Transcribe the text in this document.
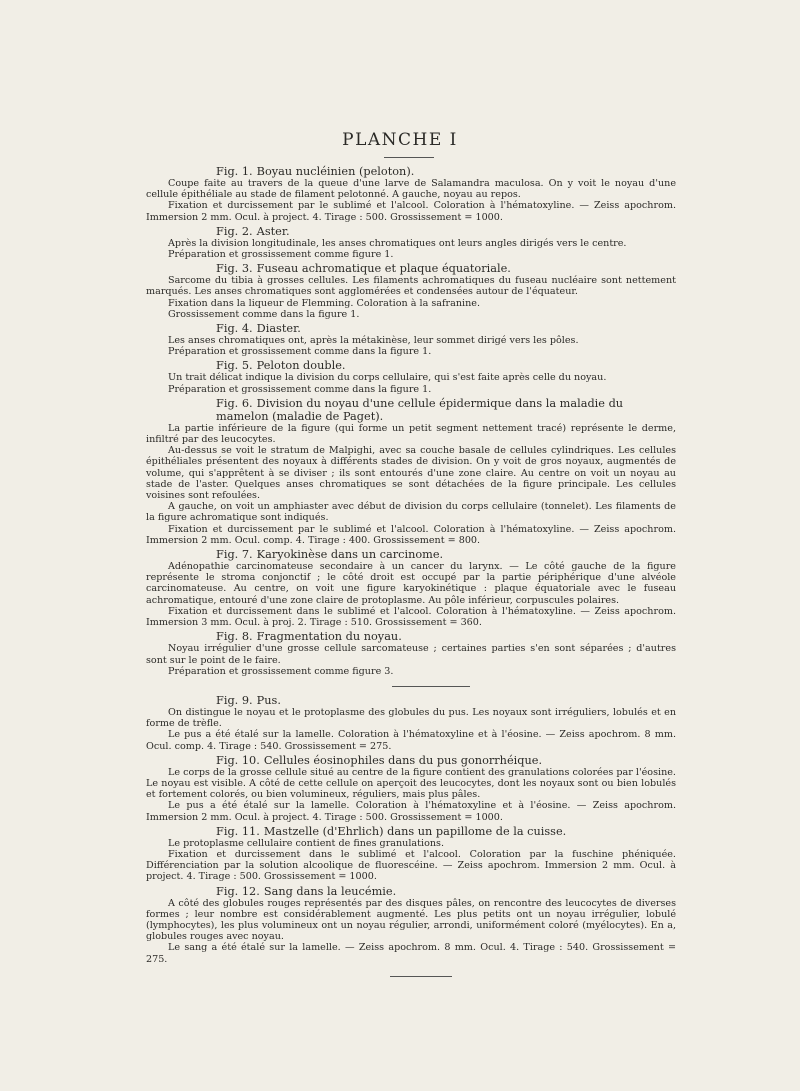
PLANCHE I
Fig. 1. Boyau nucléinien (peloton).
Coupe faite au travers de la queue d'une larve de Salamandra maculosa. On y voit le noyau d'une cellule épithéliale au stade de filament pelotonné. A gauche, noyau au repos.
Fixation et durcissement par le sublimé et l'alcool. Coloration à l'hématoxyline. — Zeiss apochrom. Immersion 2 mm. Ocul. à project. 4. Tirage : 500. Grossissement = 1000.
Fig. 2. Aster.
Après la division longitudinale, les anses chromatiques ont leurs angles dirigés vers le centre.
Préparation et grossissement comme figure 1.
Fig. 3. Fuseau achromatique et plaque équatoriale.
Sarcome du tibia à grosses cellules. Les filaments achromatiques du fuseau nucléaire sont nettement marqués. Les anses chromatiques sont agglomérées et condensées autour de l'équateur.
Fixation dans la liqueur de Flemming. Coloration à la safranine.
Grossissement comme dans la figure 1.
Fig. 4. Diaster.
Les anses chromatiques ont, après la métakinèse, leur sommet dirigé vers les pôles.
Préparation et grossissement comme dans la figure 1.
Fig. 5. Peloton double.
Un trait délicat indique la division du corps cellulaire, qui s'est faite après celle du noyau.
Préparation et grossissement comme dans la figure 1.
Fig. 6. Division du noyau d'une cellule épidermique dans la maladie du mamelon (maladie de Paget).
La partie inférieure de la figure (qui forme un petit segment nettement tracé) représente le derme, infiltré par des leucocytes.
Au-dessus se voit le stratum de Malpighi, avec sa couche basale de cellules cylindriques. Les cellules épithéliales présentent des noyaux à différents stades de division. On y voit de gros noyaux, augmentés de volume, qui s'apprêtent à se diviser ; ils sont entourés d'une zone claire. Au centre on voit un noyau au stade de l'aster. Quelques anses chromatiques se sont détachées de la figure principale. Les cellules voisines sont refoulées.
A gauche, on voit un amphiaster avec début de division du corps cellulaire (tonnelet). Les filaments de la figure achromatique sont indiqués.
Fixation et durcissement par le sublimé et l'alcool. Coloration à l'hématoxyline. — Zeiss apochrom. Immersion 2 mm. Ocul. comp. 4. Tirage : 400. Grossissement = 800.
Fig. 7. Karyokinèse dans un carcinome.
Adénopathie carcinomateuse secondaire à un cancer du larynx. — Le côté gauche de la figure représente le stroma conjonctif ; le côté droit est occupé par la partie périphérique d'une alvéole carcinomateuse. Au centre, on voit une figure karyokinétique : plaque équatoriale avec le fuseau achromatique, entouré d'une zone claire de protoplasme. Au pôle inférieur, corpuscules polaires.
Fixation et durcissement dans le sublimé et l'alcool. Coloration à l'hématoxyline. — Zeiss apochrom. Immersion 3 mm. Ocul. à proj. 2. Tirage : 510. Grossissement = 360.
Fig. 8. Fragmentation du noyau.
Noyau irrégulier d'une grosse cellule sarcomateuse ; certaines parties s'en sont séparées ; d'autres sont sur le point de le faire.
Préparation et grossissement comme figure 3.
Fig. 9. Pus.
On distingue le noyau et le protoplasme des globules du pus. Les noyaux sont irréguliers, lobulés et en forme de trèfle.
Le pus a été étalé sur la lamelle. Coloration à l'hématoxyline et à l'éosine. — Zeiss apochrom. 8 mm. Ocul. comp. 4. Tirage : 540. Grossissement = 275.
Fig. 10. Cellules éosinophiles dans du pus gonorrhéique.
Le corps de la grosse cellule situé au centre de la figure contient des granulations colorées par l'éosine. Le noyau est visible. A côté de cette cellule on aperçoit des leucocytes, dont les noyaux sont ou bien lobulés et fortement colorés, ou bien volumineux, réguliers, mais plus pâles.
Le pus a été étalé sur la lamelle. Coloration à l'hématoxyline et à l'éosine. — Zeiss apochrom. Immersion 2 mm. Ocul. à project. 4. Tirage : 500. Grossissement = 1000.
Fig. 11. Mastzelle (d'Ehrlich) dans un papillome de la cuisse.
Le protoplasme cellulaire contient de fines granulations.
Fixation et durcissement dans le sublimé et l'alcool. Coloration par la fuschine phéniquée. Différenciation par la solution alcoolique de fluorescéine. — Zeiss apochrom. Immersion 2 mm. Ocul. à project. 4. Tirage : 500. Grossissement = 1000.
Fig. 12. Sang dans la leucémie.
A côté des globules rouges représentés par des disques pâles, on rencontre des leucocytes de diverses formes ; leur nombre est considérablement augmenté. Les plus petits ont un noyau irrégulier, lobulé (lymphocytes), les plus volumineux ont un noyau régulier, arrondi, uniformément coloré (myélocytes). En a, globules rouges avec noyau.
Le sang a été étalé sur la lamelle. — Zeiss apochrom. 8 mm. Ocul. 4. Tirage : 540. Grossissement = 275.
